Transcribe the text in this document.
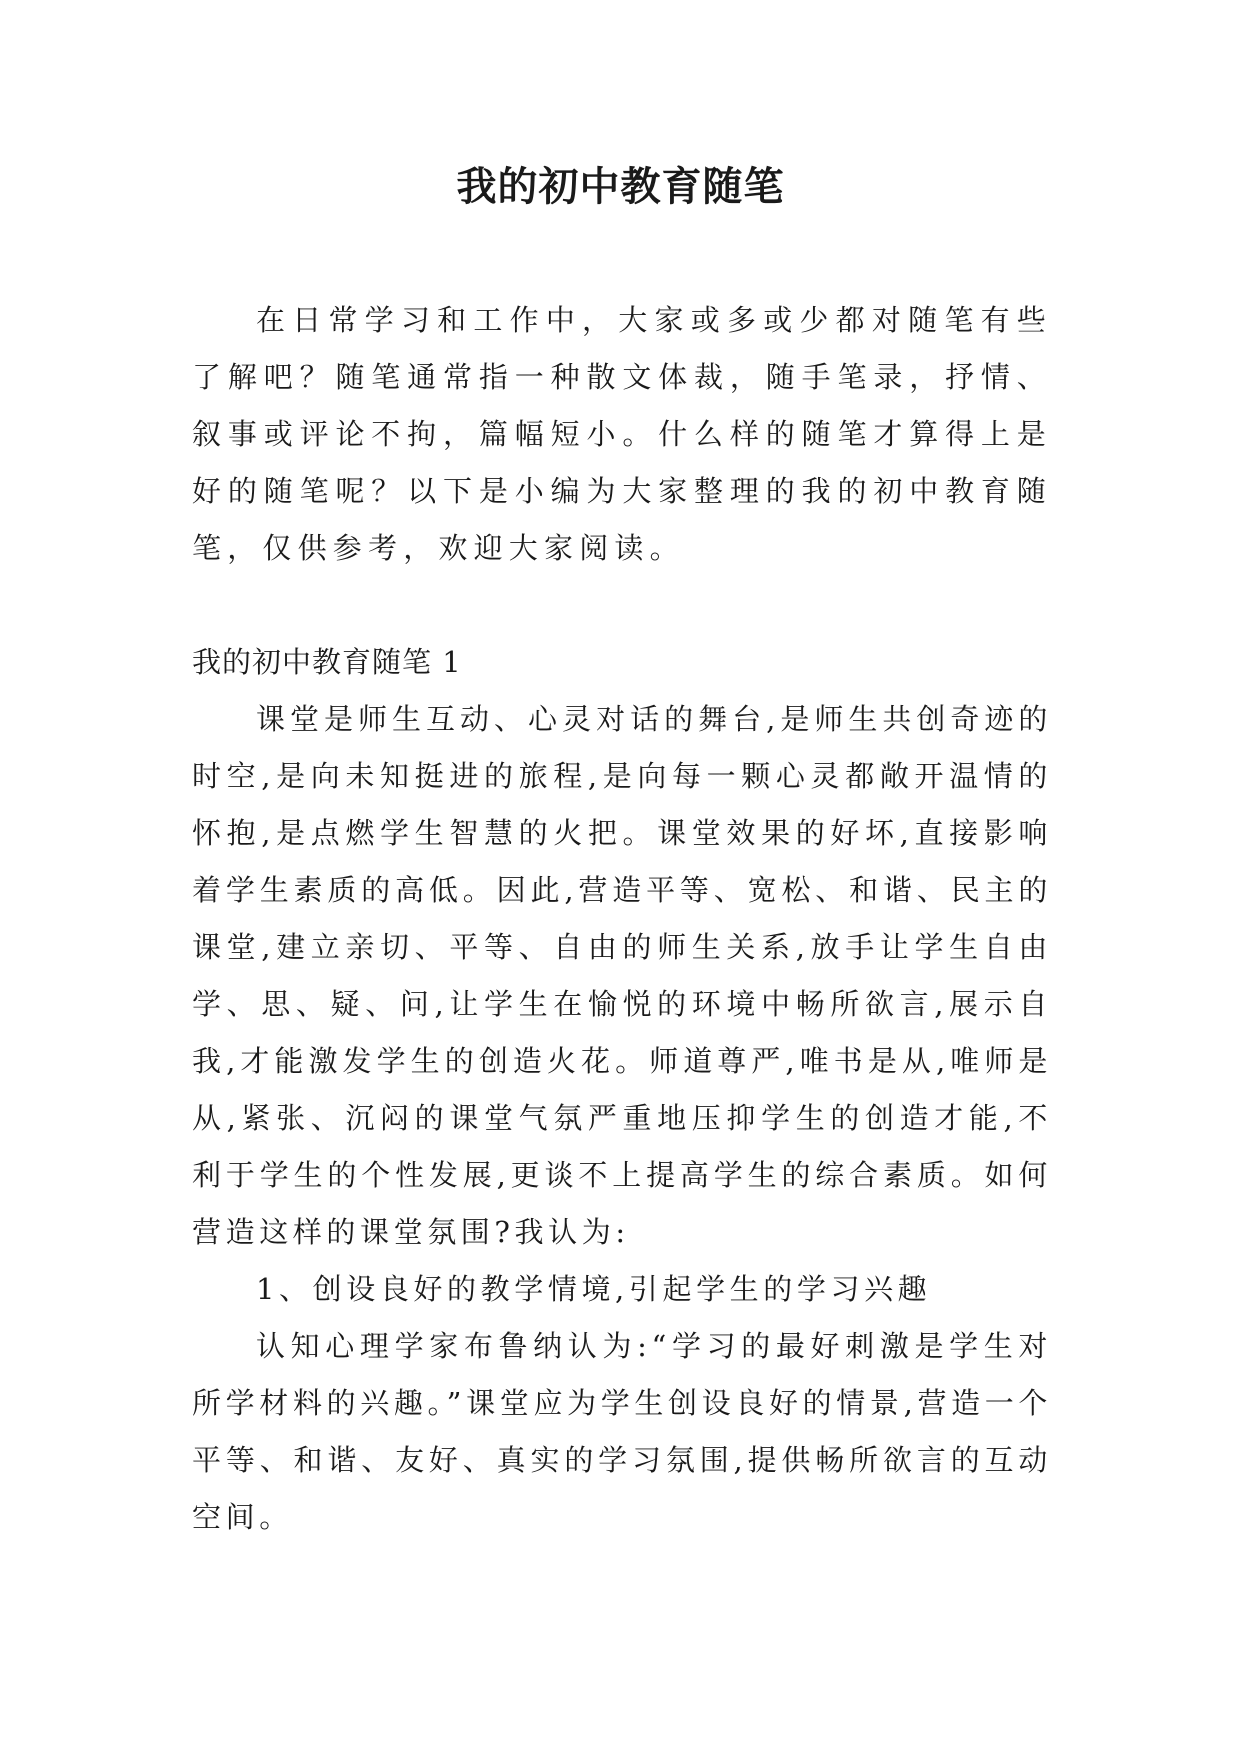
我的初中教育随笔

在日常学习和工作中，大家或多或少都对随笔有些了解吧？随笔通常指一种散文体裁，随手笔录，抒情、叙事或评论不拘，篇幅短小。什么样的随笔才算得上是好的随笔呢？以下是小编为大家整理的我的初中教育随笔，仅供参考，欢迎大家阅读。

我的初中教育随笔 1

课堂是师生互动、心灵对话的舞台,是师生共创奇迹的时空,是向未知挺进的旅程,是向每一颗心灵都敞开温情的怀抱,是点燃学生智慧的火把。课堂效果的好坏,直接影响着学生素质的高低。因此,营造平等、宽松、和谐、民主的课堂,建立亲切、平等、自由的师生关系,放手让学生自由学、思、疑、问,让学生在愉悦的环境中畅所欲言,展示自我,才能激发学生的创造火花。师道尊严,唯书是从,唯师是从,紧张、沉闷的课堂气氛严重地压抑学生的创造才能,不利于学生的个性发展,更谈不上提高学生的综合素质。如何营造这样的课堂氛围?我认为:

1、创设良好的教学情境,引起学生的学习兴趣

认知心理学家布鲁纳认为:“学习的最好刺激是学生对所学材料的兴趣。”课堂应为学生创设良好的情景,营造一个平等、和谐、友好、真实的学习氛围,提供畅所欲言的互动空间。
